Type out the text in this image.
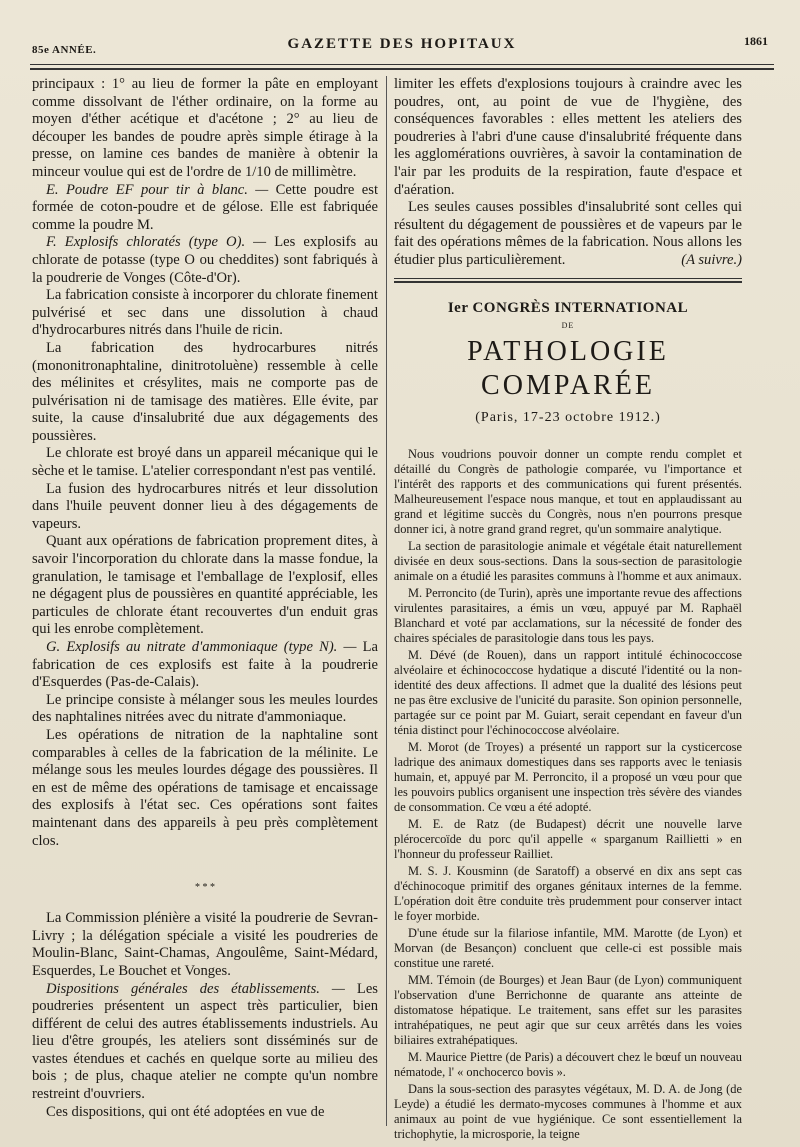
85e ANNÉE.	GAZETTE DES HOPITAUX	1861

principaux : 1° au lieu de former la pâte en employant comme dissolvant de l'éther ordinaire, on la forme au moyen d'éther acétique et d'acétone ; 2° au lieu de découper les bandes de poudre après simple étirage à la presse, on lamine ces bandes de manière à obtenir la minceur voulue qui est de l'ordre de 1/10 de millimètre.

E. Poudre EF pour tir à blanc. — Cette poudre est formée de coton-poudre et de gélose. Elle est fabriquée comme la poudre M.

F. Explosifs chloratés (type O). — Les explosifs au chlorate de potasse (type O ou cheddites) sont fabriqués à la poudrerie de Vonges (Côte-d'Or).

La fabrication consiste à incorporer du chlorate finement pulvérisé et sec dans une dissolution à chaud d'hydrocarbures nitrés dans l'huile de ricin.

La fabrication des hydrocarbures nitrés (mononitronaphtaline, dinitrotoluène) ressemble à celle des mélinites et crésylites, mais ne comporte pas de pulvérisation ni de tamisage des matières. Elle évite, par suite, la cause d'insalubrité due aux dégagements des poussières.

Le chlorate est broyé dans un appareil mécanique qui le sèche et le tamise. L'atelier correspondant n'est pas ventilé.

La fusion des hydrocarbures nitrés et leur dissolution dans l'huile peuvent donner lieu à des dégagements de vapeurs.

Quant aux opérations de fabrication proprement dites, à savoir l'incorporation du chlorate dans la masse fondue, la granulation, le tamisage et l'emballage de l'explosif, elles ne dégagent plus de poussières en quantité appréciable, les particules de chlorate étant recouvertes d'un enduit gras qui les enrobe complètement.

G. Explosifs au nitrate d'ammoniaque (type N). — La fabrication de ces explosifs est faite à la poudrerie d'Esquerdes (Pas-de-Calais).

Le principe consiste à mélanger sous les meules lourdes des naphtalines nitrées avec du nitrate d'ammoniaque.

Les opérations de nitration de la naphtaline sont comparables à celles de la fabrication de la mélinite. Le mélange sous les meules lourdes dégage des poussières. Il en est de même des opérations de tamisage et encaissage des explosifs à l'état sec. Ces opérations sont faites maintenant dans des appareils à peu près complètement clos.

* * *

La Commission plénière a visité la poudrerie de Sevran-Livry ; la délégation spéciale a visité les poudreries de Moulin-Blanc, Saint-Chamas, Angoulême, Saint-Médard, Esquerdes, Le Bouchet et Vonges.

Dispositions générales des établissements. — Les poudreries présentent un aspect très particulier, bien différent de celui des autres établissements industriels. Au lieu d'être groupés, les ateliers sont disséminés sur de vastes étendues et cachés en quelque sorte au milieu des bois ; de plus, chaque atelier ne compte qu'un nombre restreint d'ouvriers.

Ces dispositions, qui ont été adoptées en vue de

limiter les effets d'explosions toujours à craindre avec les poudres, ont, au point de vue de l'hygiène, des conséquences favorables : elles mettent les ateliers des poudreries à l'abri d'une cause d'insalubrité fréquente dans les agglomérations ouvrières, à savoir la contamination de l'air par les produits de la respiration, faute d'espace et d'aération.

Les seules causes possibles d'insalubrité sont celles qui résultent du dégagement de poussières et de vapeurs par le fait des opérations mêmes de la fabrication. Nous allons les étudier plus particulièrement.	(A suivre.)

Ier CONGRÈS INTERNATIONAL
DE
PATHOLOGIE COMPARÉE
(Paris, 17-23 octobre 1912.)

Nous voudrions pouvoir donner un compte rendu complet et détaillé du Congrès de pathologie comparée, vu l'importance et l'intérêt des rapports et des communications qui furent présentés. Malheureusement l'espace nous manque, et tout en applaudissant au grand et légitime succès du Congrès, nous n'en pourrons presque donner ici, à notre grand grand regret, qu'un sommaire analytique.

La section de parasitologie animale et végétale était naturellement divisée en deux sous-sections. Dans la sous-section de parasitologie animale on a étudié les parasites communs à l'homme et aux animaux.

M. Perroncito (de Turin), après une importante revue des affections virulentes parasitaires, a émis un vœu, appuyé par M. Raphaël Blanchard et voté par acclamations, sur la nécessité de fonder des chaires spéciales de parasitologie dans tous les pays.

M. Dévé (de Rouen), dans un rapport intitulé échinococcose alvéolaire et échinococcose hydatique a discuté l'identité ou la non-identité des deux affections. Il admet que la dualité des lésions peut ne pas être exclusive de l'unicité du parasite. Son opinion personnelle, partagée sur ce point par M. Guiart, serait cependant en faveur d'un ténia distinct pour l'échinococcose alvéolaire.

M. Morot (de Troyes) a présenté un rapport sur la cysticercose ladrique des animaux domestiques dans ses rapports avec le teniasis humain, et, appuyé par M. Perroncito, il a proposé un vœu pour que les pouvoirs publics organisent une inspection très sévère des viandes de consommation. Ce vœu a été adopté.

M. E. de Ratz (de Budapest) décrit une nouvelle larve plérocercoïde du porc qu'il appelle « sparganum Raillietti » en l'honneur du professeur Railliet.

M. S. J. Kousminn (de Saratoff) a observé en dix ans sept cas d'échinocoque primitif des organes génitaux internes de la femme. L'opération doit être conduite très prudemment pour conserver intact le foyer morbide.

D'une étude sur la filariose infantile, MM. Marotte (de Lyon) et Morvan (de Besançon) concluent que celle-ci est possible mais constitue une rareté.

MM. Témoin (de Bourges) et Jean Baur (de Lyon) communiquent l'observation d'une Berrichonne de quarante ans atteinte de distomatose hépatique. Le traitement, sans effet sur les parasites intrahépatiques, ne peut agir que sur ceux arrêtés dans les voies biliaires extrahépatiques.

M. Maurice Piettre (de Paris) a découvert chez le bœuf un nouveau nématode, l' « onchocerco bovis ».

Dans la sous-section des parasytes végétaux, M. D. A. de Jong (de Leyde) a étudié les dermato-mycoses communes à l'homme et aux animaux au point de vue hygiénique. Ce sont essentiellement la trichophytie, la microsporie, la teigne
